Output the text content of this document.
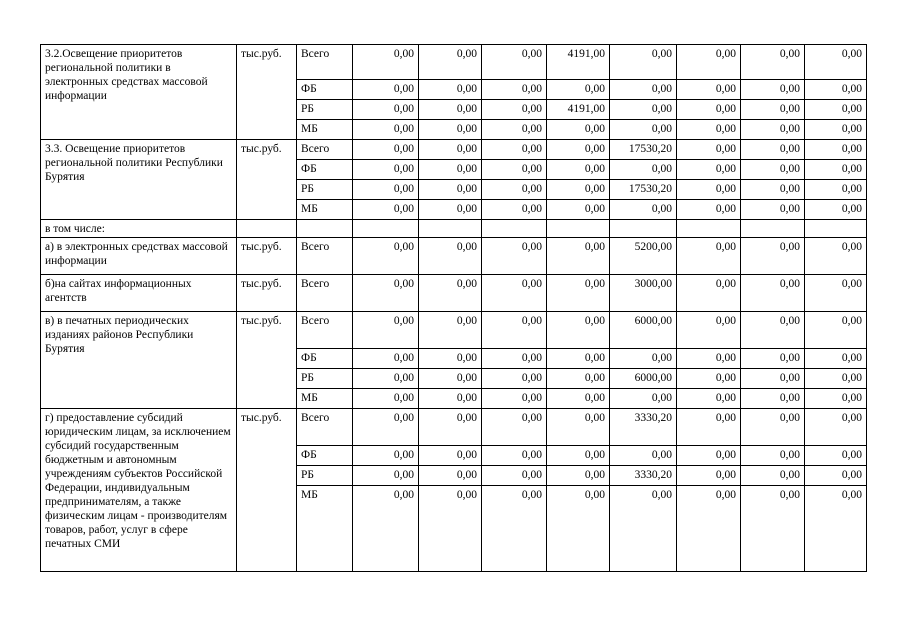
3.2.Освещение приоритетов региональной политики в электронных средствах массовой информации	тыс.руб.	Всего	0,00	0,00	0,00	4191,00	0,00	0,00	0,00	0,00
		ФБ	0,00	0,00	0,00	0,00	0,00	0,00	0,00	0,00
		РБ	0,00	0,00	0,00	4191,00	0,00	0,00	0,00	0,00
		МБ	0,00	0,00	0,00	0,00	0,00	0,00	0,00	0,00
3.3. Освещение приоритетов региональной политики Республики Бурятия	тыс.руб.	Всего	0,00	0,00	0,00	0,00	17530,20	0,00	0,00	0,00
		ФБ	0,00	0,00	0,00	0,00	0,00	0,00	0,00	0,00
		РБ	0,00	0,00	0,00	0,00	17530,20	0,00	0,00	0,00
		МБ	0,00	0,00	0,00	0,00	0,00	0,00	0,00	0,00
в том числе:										
а) в электронных средствах массовой информации	тыс.руб.	Всего	0,00	0,00	0,00	0,00	5200,00	0,00	0,00	0,00
б)на сайтах информационных агентств	тыс.руб.	Всего	0,00	0,00	0,00	0,00	3000,00	0,00	0,00	0,00
в) в печатных периодических изданиях районов Республики Бурятия	тыс.руб.	Всего	0,00	0,00	0,00	0,00	6000,00	0,00	0,00	0,00
		ФБ	0,00	0,00	0,00	0,00	0,00	0,00	0,00	0,00
		РБ	0,00	0,00	0,00	0,00	6000,00	0,00	0,00	0,00
		МБ	0,00	0,00	0,00	0,00	0,00	0,00	0,00	0,00
г) предоставление субсидий юридическим лицам, за исключением субсидий государственным бюджетным и автономным учреждениям субъектов Российской Федерации, индивидуальным предпринимателям, а также физическим лицам - производителям товаров, работ, услуг в сфере печатных СМИ	тыс.руб.	Всего	0,00	0,00	0,00	0,00	3330,20	0,00	0,00	0,00
		ФБ	0,00	0,00	0,00	0,00	0,00	0,00	0,00	0,00
		РБ	0,00	0,00	0,00	0,00	3330,20	0,00	0,00	0,00
		МБ	0,00	0,00	0,00	0,00	0,00	0,00	0,00	0,00
